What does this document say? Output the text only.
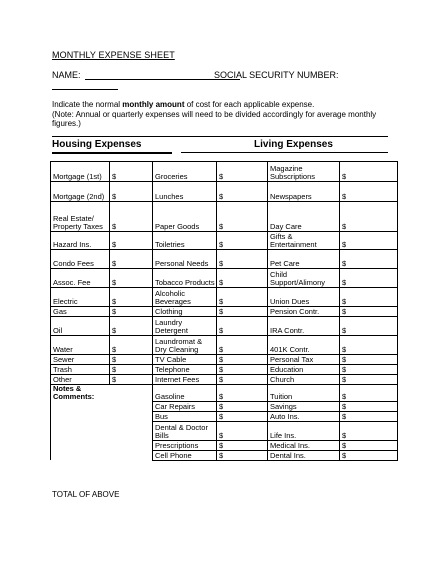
MONTHLY EXPENSE SHEET
NAME:	SOCIAL SECURITY NUMBER:
Indicate the normal monthly amount of cost for each applicable expense.
(Note: Annual or quarterly expenses will need to be divided accordingly for average monthly figures.)
Housing Expenses	Living Expenses
Mortgage (1st)	$	Groceries	$	Magazine Subscriptions	$
Mortgage (2nd)	$	Lunches	$	Newspapers	$
Real Estate/ Property Taxes	$	Paper Goods	$	Day Care	$
Hazard Ins.	$	Toiletries	$	Gifts & Entertainment	$
Condo Fees	$	Personal Needs	$	Pet Care	$
Assoc. Fee	$	Tobacco Products	$	Child Support/Alimony	$
Electric	$	Alcoholic Beverages	$	Union Dues	$
Gas	$	Clothing	$	Pension Contr.	$
Oil	$	Laundry Detergent	$	IRA Contr.	$
Water	$	Laundromat & Dry Cleaning	$	401K Contr.	$
Sewer	$	TV Cable	$	Personal Tax	$
Trash	$	Telephone	$	Education	$
Other	$	Internet Fees	$	Church	$
Notes & Comments:		Gasoline	$	Tuition	$
		Car Repairs	$	Savings	$
		Bus	$	Auto Ins.	$
		Dental & Doctor Bills	$	Life Ins.	$
		Prescriptions	$	Medical Ins.	$
		Cell Phone	$	Dental Ins.	$
TOTAL OF ABOVE
